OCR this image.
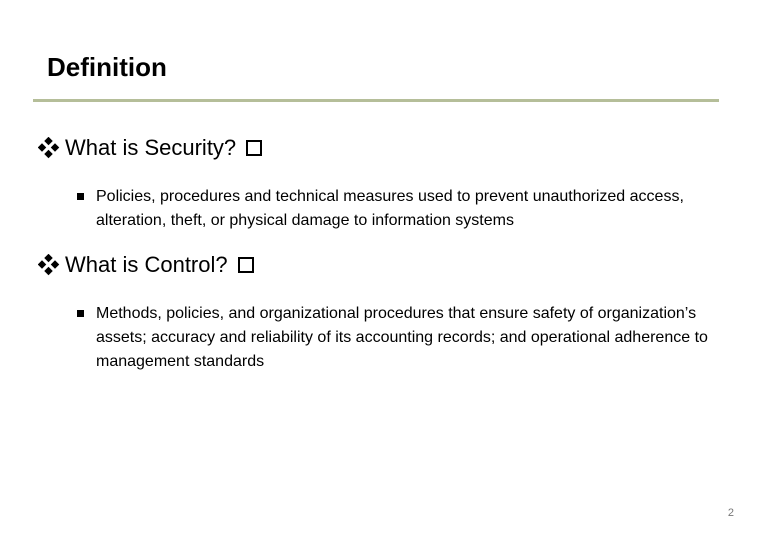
Definition
What is Security?
Policies, procedures and technical measures used to prevent unauthorized access, alteration, theft, or physical damage to information systems
What is Control?
Methods, policies, and organizational procedures that ensure safety of organization’s assets; accuracy and reliability of its accounting records; and operational adherence to management standards
2
